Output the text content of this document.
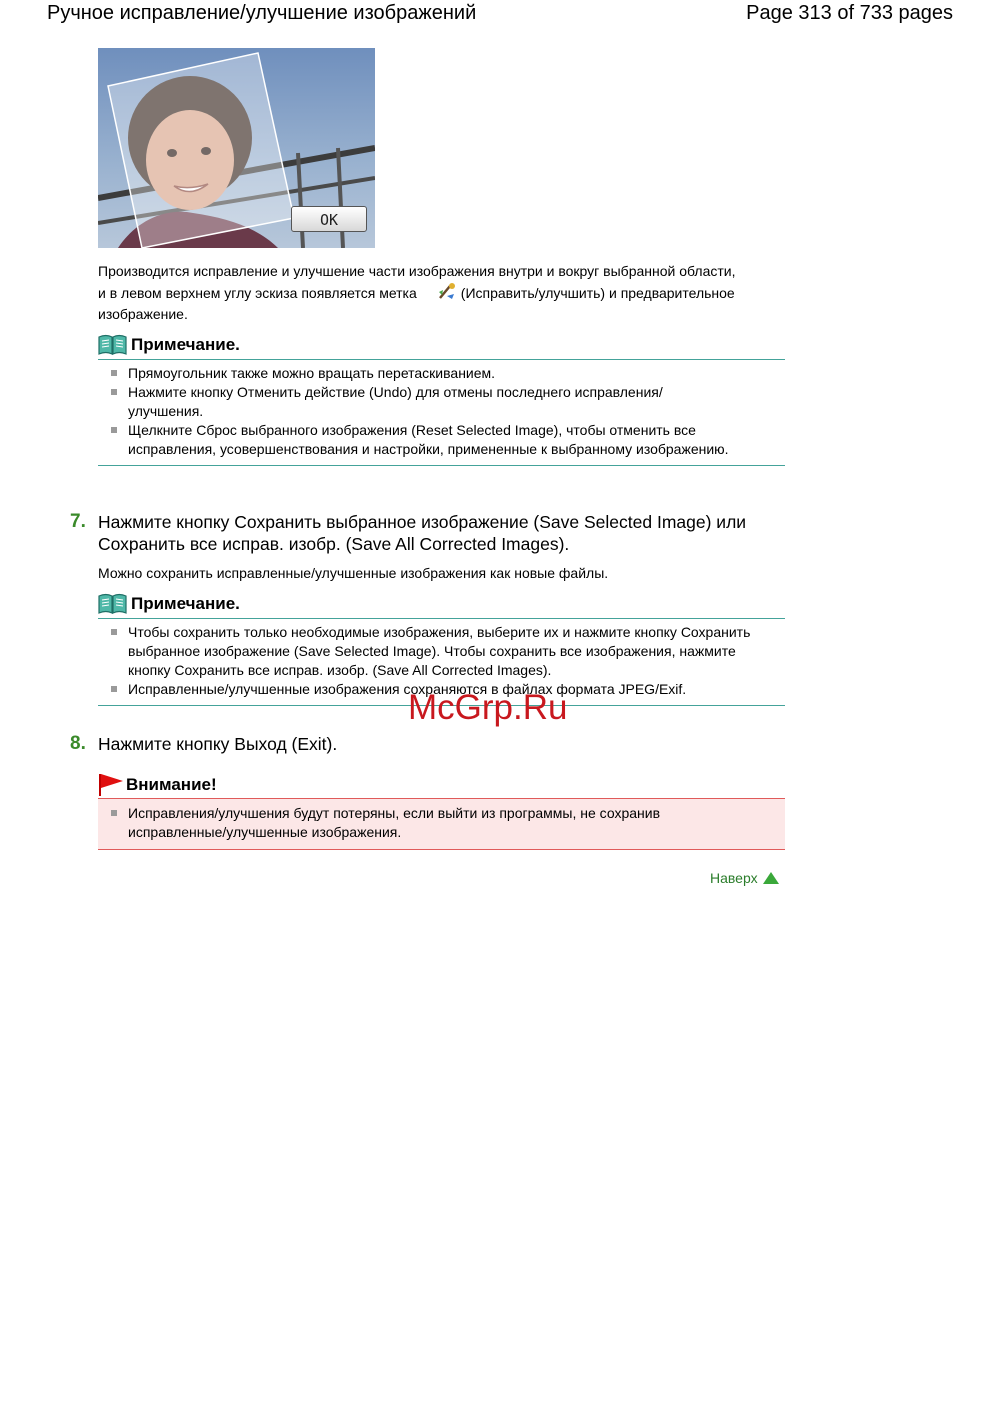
Ручное исправление/улучшение изображений	Page 313 of 733 pages
OK

Производится исправление и улучшение части изображения внутри и вокруг выбранной области, и в левом верхнем углу эскиза появляется метка	(Исправить/улучшить) и предварительное изображение.

Примечание.
Прямоугольник также можно вращать перетаскиванием.
Нажмите кнопку Отменить действие (Undo) для отмены последнего исправления/улучшения.
Щелкните Сброс выбранного изображения (Reset Selected Image), чтобы отменить все исправления, усовершенствования и настройки, примененные к выбранному изображению.
7. Нажмите кнопку Сохранить выбранное изображение (Save Selected Image) или Сохранить все исправ. изобр. (Save All Corrected Images).

Можно сохранить исправленные/улучшенные изображения как новые файлы.

Примечание.
Чтобы сохранить только необходимые изображения, выберите их и нажмите кнопку Сохранить выбранное изображение (Save Selected Image). Чтобы сохранить все изображения, нажмите кнопку Сохранить все исправ. изобр. (Save All Corrected Images).
Исправленные/улучшенные изображения сохраняются в файлах формата JPEG/Exif.
McGrp.Ru
8. Нажмите кнопку Выход (Exit).
Внимание!
Исправления/улучшения будут потеряны, если выйти из программы, не сохранив исправленные/улучшенные изображения.
Наверх
